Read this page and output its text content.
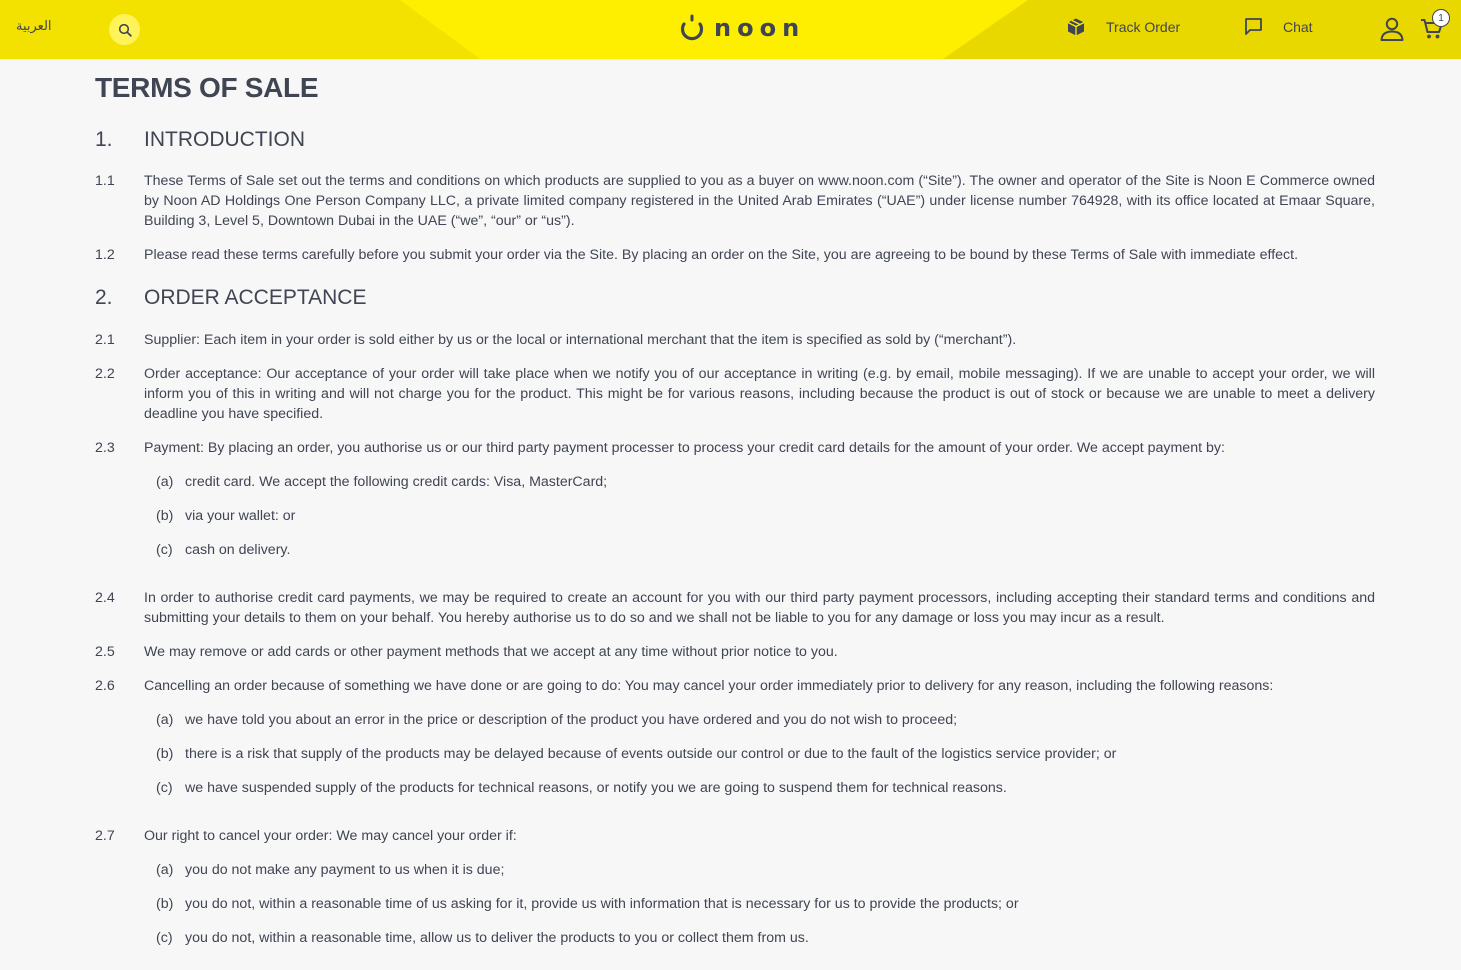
العربية	noon	Track Order	Chat
1
TERMS OF SALE
1.	INTRODUCTION
1.1	These Terms of Sale set out the terms and conditions on which products are supplied to you as a buyer on www.noon.com (“Site”). The owner and operator of the Site is Noon E Commerce owned by Noon AD Holdings One Person Company LLC, a private limited company registered in the United Arab Emirates (“UAE”) under license number 764928, with its office located at Emaar Square, Building 3, Level 5, Downtown Dubai in the UAE (“we”, “our” or “us”).
1.2	Please read these terms carefully before you submit your order via the Site. By placing an order on the Site, you are agreeing to be bound by these Terms of Sale with immediate effect.
2.	ORDER ACCEPTANCE
2.1	Supplier: Each item in your order is sold either by us or the local or international merchant that the item is specified as sold by (“merchant”).
2.2	Order acceptance: Our acceptance of your order will take place when we notify you of our acceptance in writing (e.g. by email, mobile messaging). If we are unable to accept your order, we will inform you of this in writing and will not charge you for the product. This might be for various reasons, including because the product is out of stock or because we are unable to meet a delivery deadline you have specified.
2.3	Payment: By placing an order, you authorise us or our third party payment processer to process your credit card details for the amount of your order. We accept payment by:
(a) credit card. We accept the following credit cards: Visa, MasterCard;
(b) via your wallet: or
(c) cash on delivery.
2.4	In order to authorise credit card payments, we may be required to create an account for you with our third party payment processors, including accepting their standard terms and conditions and submitting your details to them on your behalf. You hereby authorise us to do so and we shall not be liable to you for any damage or loss you may incur as a result.
2.5	We may remove or add cards or other payment methods that we accept at any time without prior notice to you.
2.6	Cancelling an order because of something we have done or are going to do: You may cancel your order immediately prior to delivery for any reason, including the following reasons:
(a) we have told you about an error in the price or description of the product you have ordered and you do not wish to proceed;
(b) there is a risk that supply of the products may be delayed because of events outside our control or due to the fault of the logistics service provider; or
(c) we have suspended supply of the products for technical reasons, or notify you we are going to suspend them for technical reasons.
2.7	Our right to cancel your order: We may cancel your order if:
(a) you do not make any payment to us when it is due;
(b) you do not, within a reasonable time of us asking for it, provide us with information that is necessary for us to provide the products; or
(c) you do not, within a reasonable time, allow us to deliver the products to you or collect them from us.
